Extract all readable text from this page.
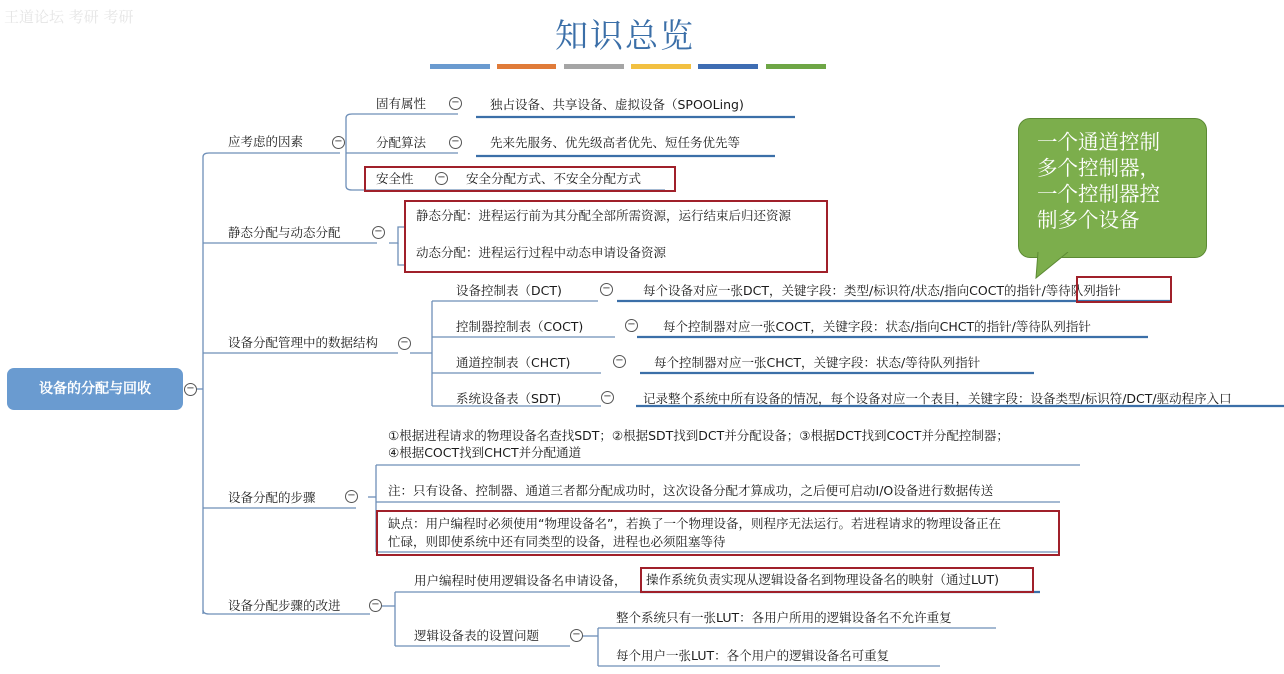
王道论坛 考研 考研	知识总览
设备的分配与回收	−
应考虑的因素	−
固有属性	− 独占设备、共享设备、虚拟设备（SPOOLing)
分配算法	− 先来先服务、优先级高者优先、短任务优先等
安全性 − 安全分配方式、不安全分配方式
静态分配与动态分配	−
静态分配：进程运行前为其分配全部所需资源，运行结束后归还资源
动态分配：进程运行过程中动态申请设备资源
设备分配管理中的数据结构 −
设备控制表（DCT)	−	每个设备对应一张DCT，关键字段：类型/标识符/状态/指向COCT的指针/等待队列指针
控制器控制表（COCT)	− 每个控制器对应一张COCT，关键字段：状态/指向CHCT的指针/等待队列指针
通道控制表（CHCT)	− 每个控制器对应一张CHCT，关键字段：状态/等待队列指针
系统设备表（SDT)	−	记录整个系统中所有设备的情况，每个设备对应一个表目，关键字段：设备类型/标识符/DCT/驱动程序入口
设备分配的步骤	−
①根据进程请求的物理设备名查找SDT；②根据SDT找到DCT并分配设备；③根据DCT找到COCT并分配控制器；
④根据COCT找到CHCT并分配通道
注：只有设备、控制器、通道三者都分配成功时，这次设备分配才算成功，之后便可启动I/O设备进行数据传送
缺点：用户编程时必须使用“物理设备名”，若换了一个物理设备，则程序无法运行。若进程请求的物理设备正在
忙碌，则即使系统中还有同类型的设备，进程也必须阻塞等待
设备分配步骤的改进	−
用户编程时使用逻辑设备名申请设备， 操作系统负责实现从逻辑设备名到物理设备名的映射（通过LUT)
逻辑设备表的设置问题	−
整个系统只有一张LUT：各用户所用的逻辑设备名不允许重复
每个用户一张LUT：各个用户的逻辑设备名可重复
一个通道控制
多个控制器，
一个控制器控
制多个设备
